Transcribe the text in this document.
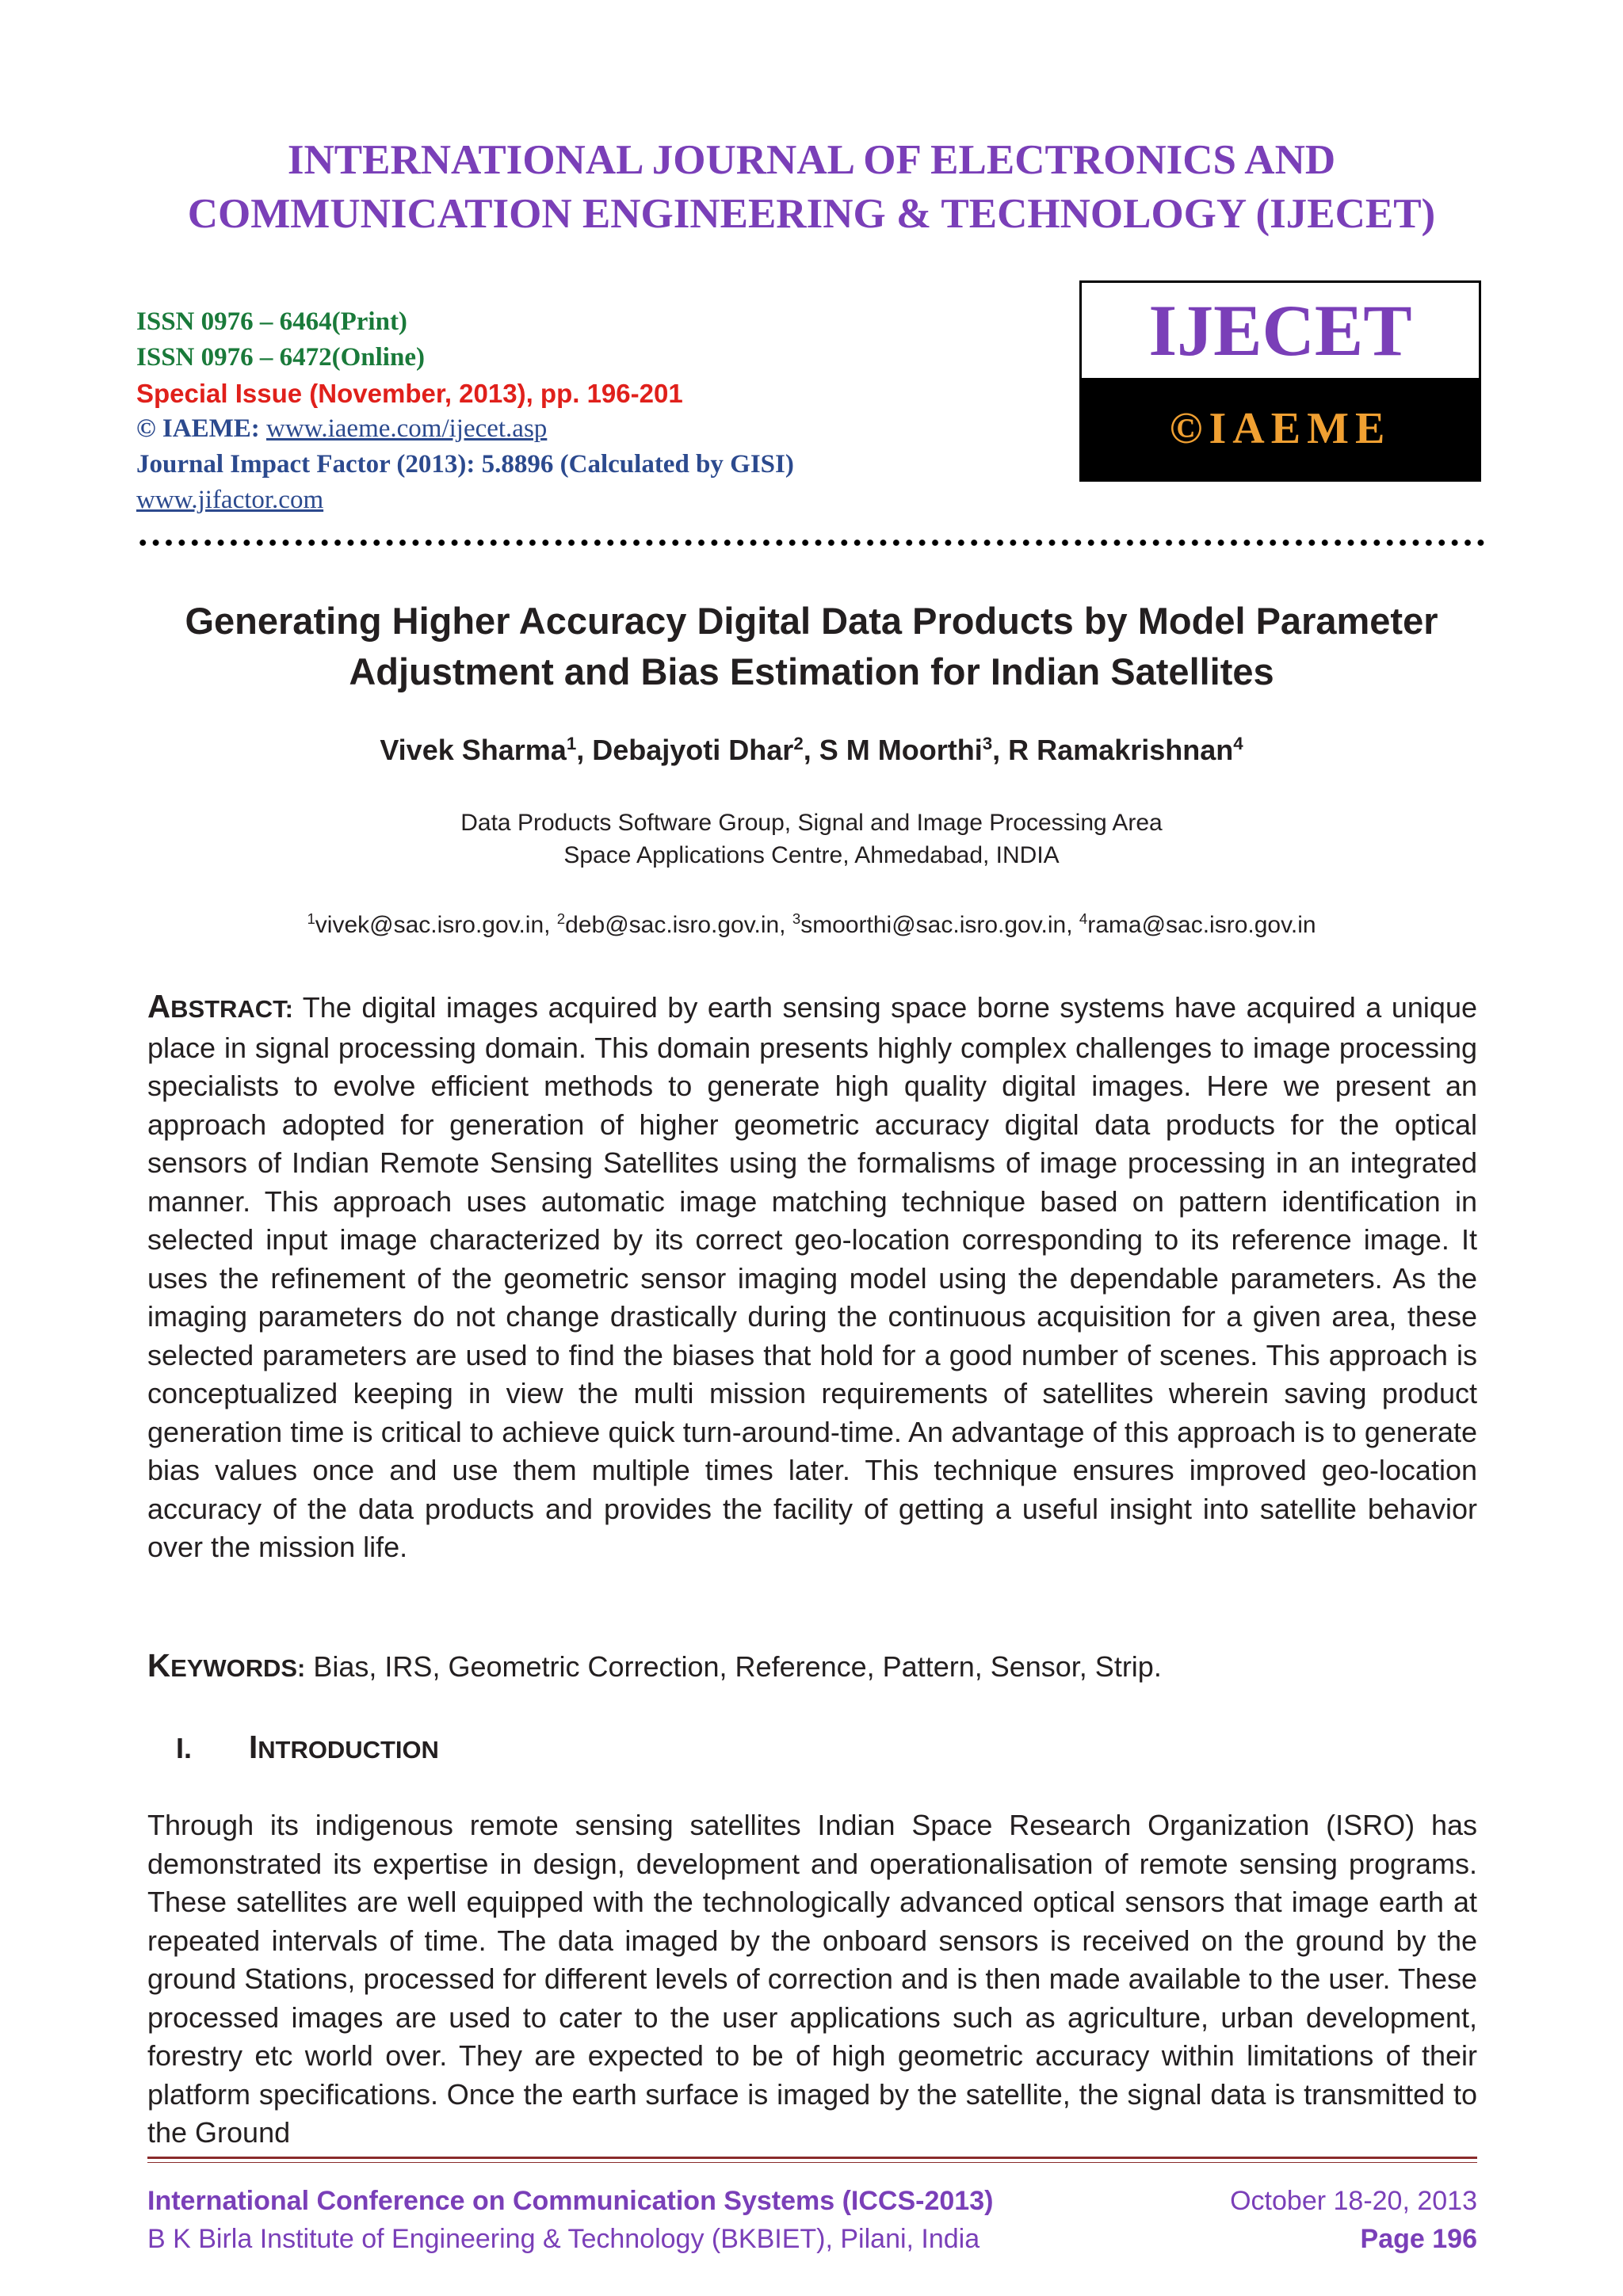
INTERNATIONAL JOURNAL OF ELECTRONICS AND
COMMUNICATION ENGINEERING & TECHNOLOGY (IJECET)
ISSN 0976 – 6464(Print)
ISSN 0976 – 6472(Online)
Special Issue (November, 2013), pp. 196-201
© IAEME: www.iaeme.com/ijecet.asp
Journal Impact Factor (2013): 5.8896 (Calculated by GISI)
www.jifactor.com
IJECET
©IAEME
Generating Higher Accuracy Digital Data Products by Model Parameter
Adjustment and Bias Estimation for Indian Satellites
Vivek Sharma$^1$, Debajyoti Dhar$^2$, S M Moorthi$^3$, R Ramakrishnan$^4$
Data Products Software Group, Signal and Image Processing Area
Space Applications Centre, Ahmedabad, INDIA
$^1$vivek@sac.isro.gov.in, $^2$deb@sac.isro.gov.in, $^3$smoorthi@sac.isro.gov.in, $^4$rama@sac.isro.gov.in
ABSTRACT: The digital images acquired by earth sensing space borne systems have acquired a unique place in signal processing domain. This domain presents highly complex challenges to image processing specialists to evolve efficient methods to generate high quality digital images. Here we present an approach adopted for generation of higher geometric accuracy digital data products for the optical sensors of Indian Remote Sensing Satellites using the formalisms of image processing in an integrated manner. This approach uses automatic image matching technique based on pattern identification in selected input image characterized by its correct geo-location corresponding to its reference image. It uses the refinement of the geometric sensor imaging model using the dependable parameters. As the imaging parameters do not change drastically during the continuous acquisition for a given area, these selected parameters are used to find the biases that hold for a good number of scenes. This approach is conceptualized keeping in view the multi mission requirements of satellites wherein saving product generation time is critical to achieve quick turn-around-time. An advantage of this approach is to generate bias values once and use them multiple times later. This technique ensures improved geo-location accuracy of the data products and provides the facility of getting a useful insight into satellite behavior over the mission life.
KEYWORDS: Bias, IRS, Geometric Correction, Reference, Pattern, Sensor, Strip.
I. INTRODUCTION
Through its indigenous remote sensing satellites Indian Space Research Organization (ISRO) has demonstrated its expertise in design, development and operationalisation of remote sensing programs. These satellites are well equipped with the technologically advanced optical sensors that image earth at repeated intervals of time. The data imaged by the onboard sensors is received on the ground by the ground Stations, processed for different levels of correction and is then made available to the user. These processed images are used to cater to the user applications such as agriculture, urban development, forestry etc world over. They are expected to be of high geometric accuracy within limitations of their platform specifications. Once the earth surface is imaged by the satellite, the signal data is transmitted to the Ground
International Conference on Communication Systems (ICCS-2013)
B K Birla Institute of Engineering & Technology (BKBIET), Pilani, India
October 18-20, 2013
Page 196
